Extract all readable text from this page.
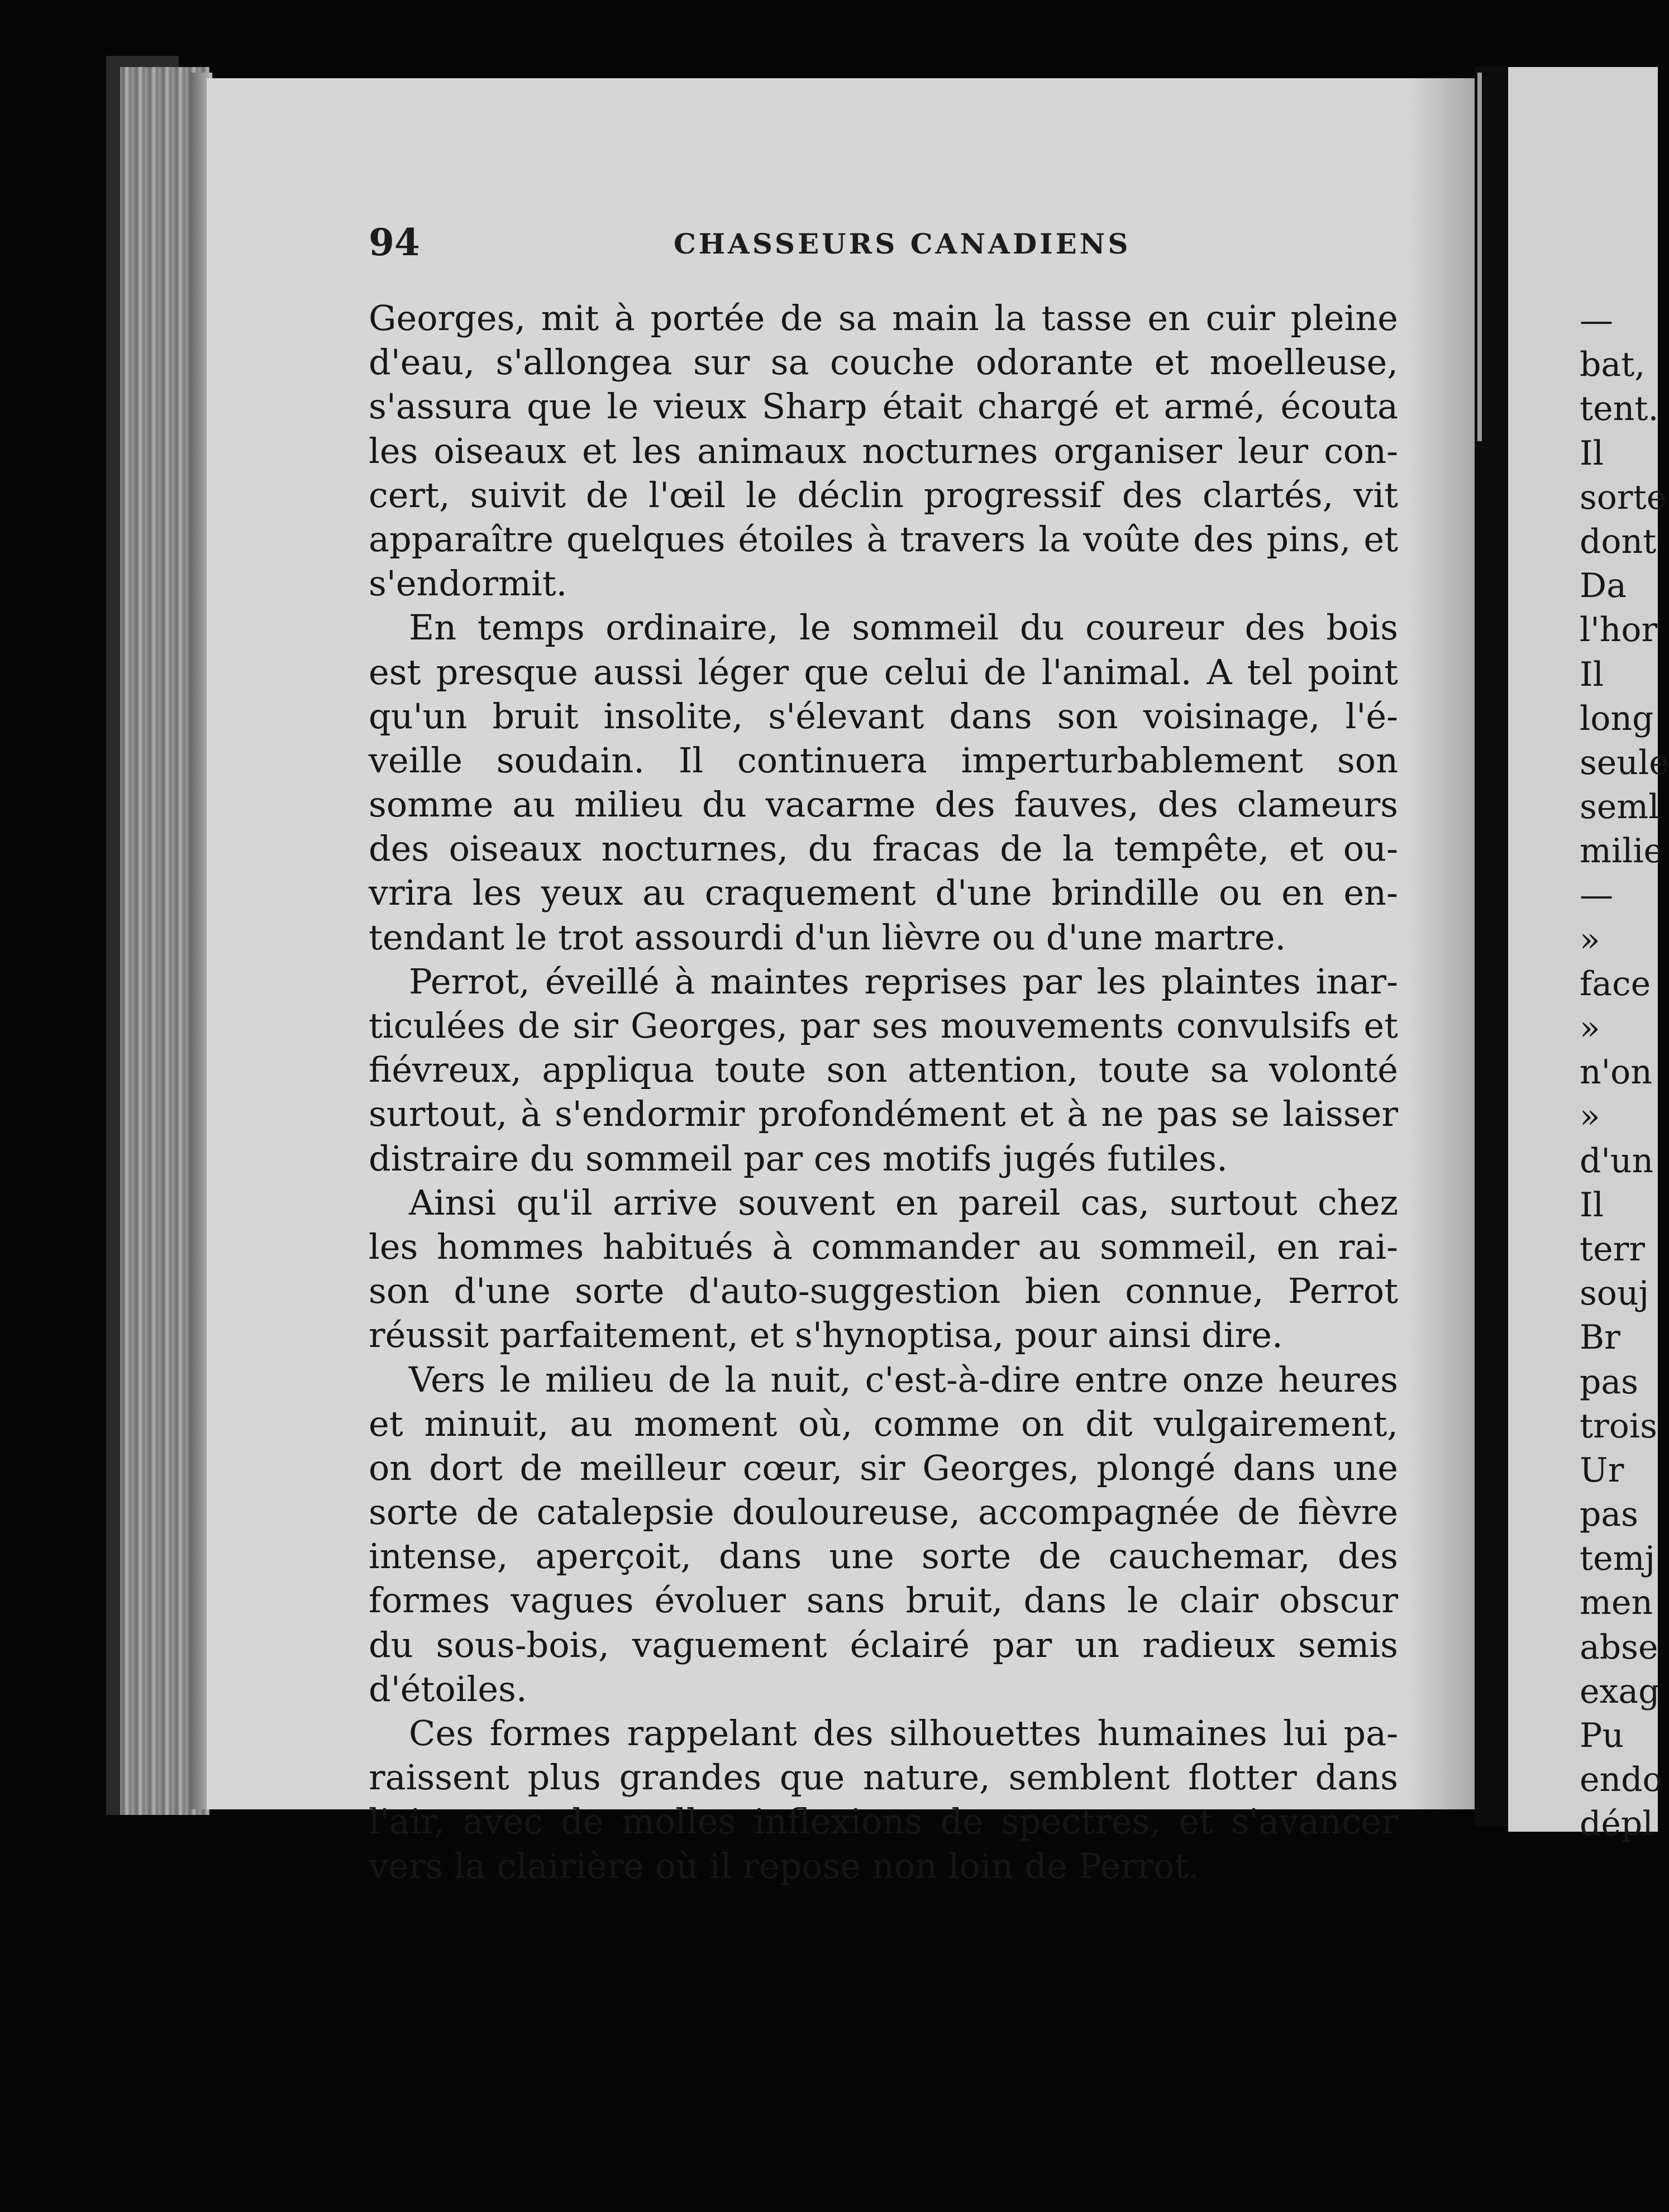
94	CHASSEURS CANADIENS
Georges, mit à portée de sa main la tasse en cuir pleine
d'eau, s'allongea sur sa couche odorante et moelleuse,
s'assura que le vieux Sharp était chargé et armé, écouta
les oiseaux et les animaux nocturnes organiser leur con-
cert, suivit de l'œil le déclin progressif des clartés, vit
apparaître quelques étoiles à travers la voûte des pins, et
s'endormit.
En temps ordinaire, le sommeil du coureur des bois
est presque aussi léger que celui de l'animal. A tel point
qu'un bruit insolite, s'élevant dans son voisinage, l'é-
veille soudain. Il continuera imperturbablement son
somme au milieu du vacarme des fauves, des clameurs
des oiseaux nocturnes, du fracas de la tempête, et ou-
vrira les yeux au craquement d'une brindille ou en en-
tendant le trot assourdi d'un lièvre ou d'une martre.
Perrot, éveillé à maintes reprises par les plaintes inar-
ticulées de sir Georges, par ses mouvements convulsifs et
fiévreux, appliqua toute son attention, toute sa volonté
surtout, à s'endormir profondément et à ne pas se laisser
distraire du sommeil par ces motifs jugés futiles.
Ainsi qu'il arrive souvent en pareil cas, surtout chez
les hommes habitués à commander au sommeil, en rai-
son d'une sorte d'auto-suggestion bien connue, Perrot
réussit parfaitement, et s'hynoptisa, pour ainsi dire.
Vers le milieu de la nuit, c'est-à-dire entre onze heures
et minuit, au moment où, comme on dit vulgairement,
on dort de meilleur cœur, sir Georges, plongé dans une
sorte de catalepsie douloureuse, accompagnée de fièvre
intense, aperçoit, dans une sorte de cauchemar, des
formes vagues évoluer sans bruit, dans le clair obscur
du sous-bois, vaguement éclairé par un radieux semis
d'étoiles.
Ces formes rappelant des silhouettes humaines lui pa-
raissent plus grandes que nature, semblent flotter dans
l'air, avec de molles inflexions de spectres, et s'avancer
vers la clairière où il repose non loin de Perrot.
—
bat,
tent.
Il
sorte
dont
Da
l'hor
Il
long
seule
seml
milie
—
»
face
»
n'on
»
d'un
Il
terr
souj
Br
pas
trois
Ur
pas
temj
men
abse
exag
Pu
endo
dépl
